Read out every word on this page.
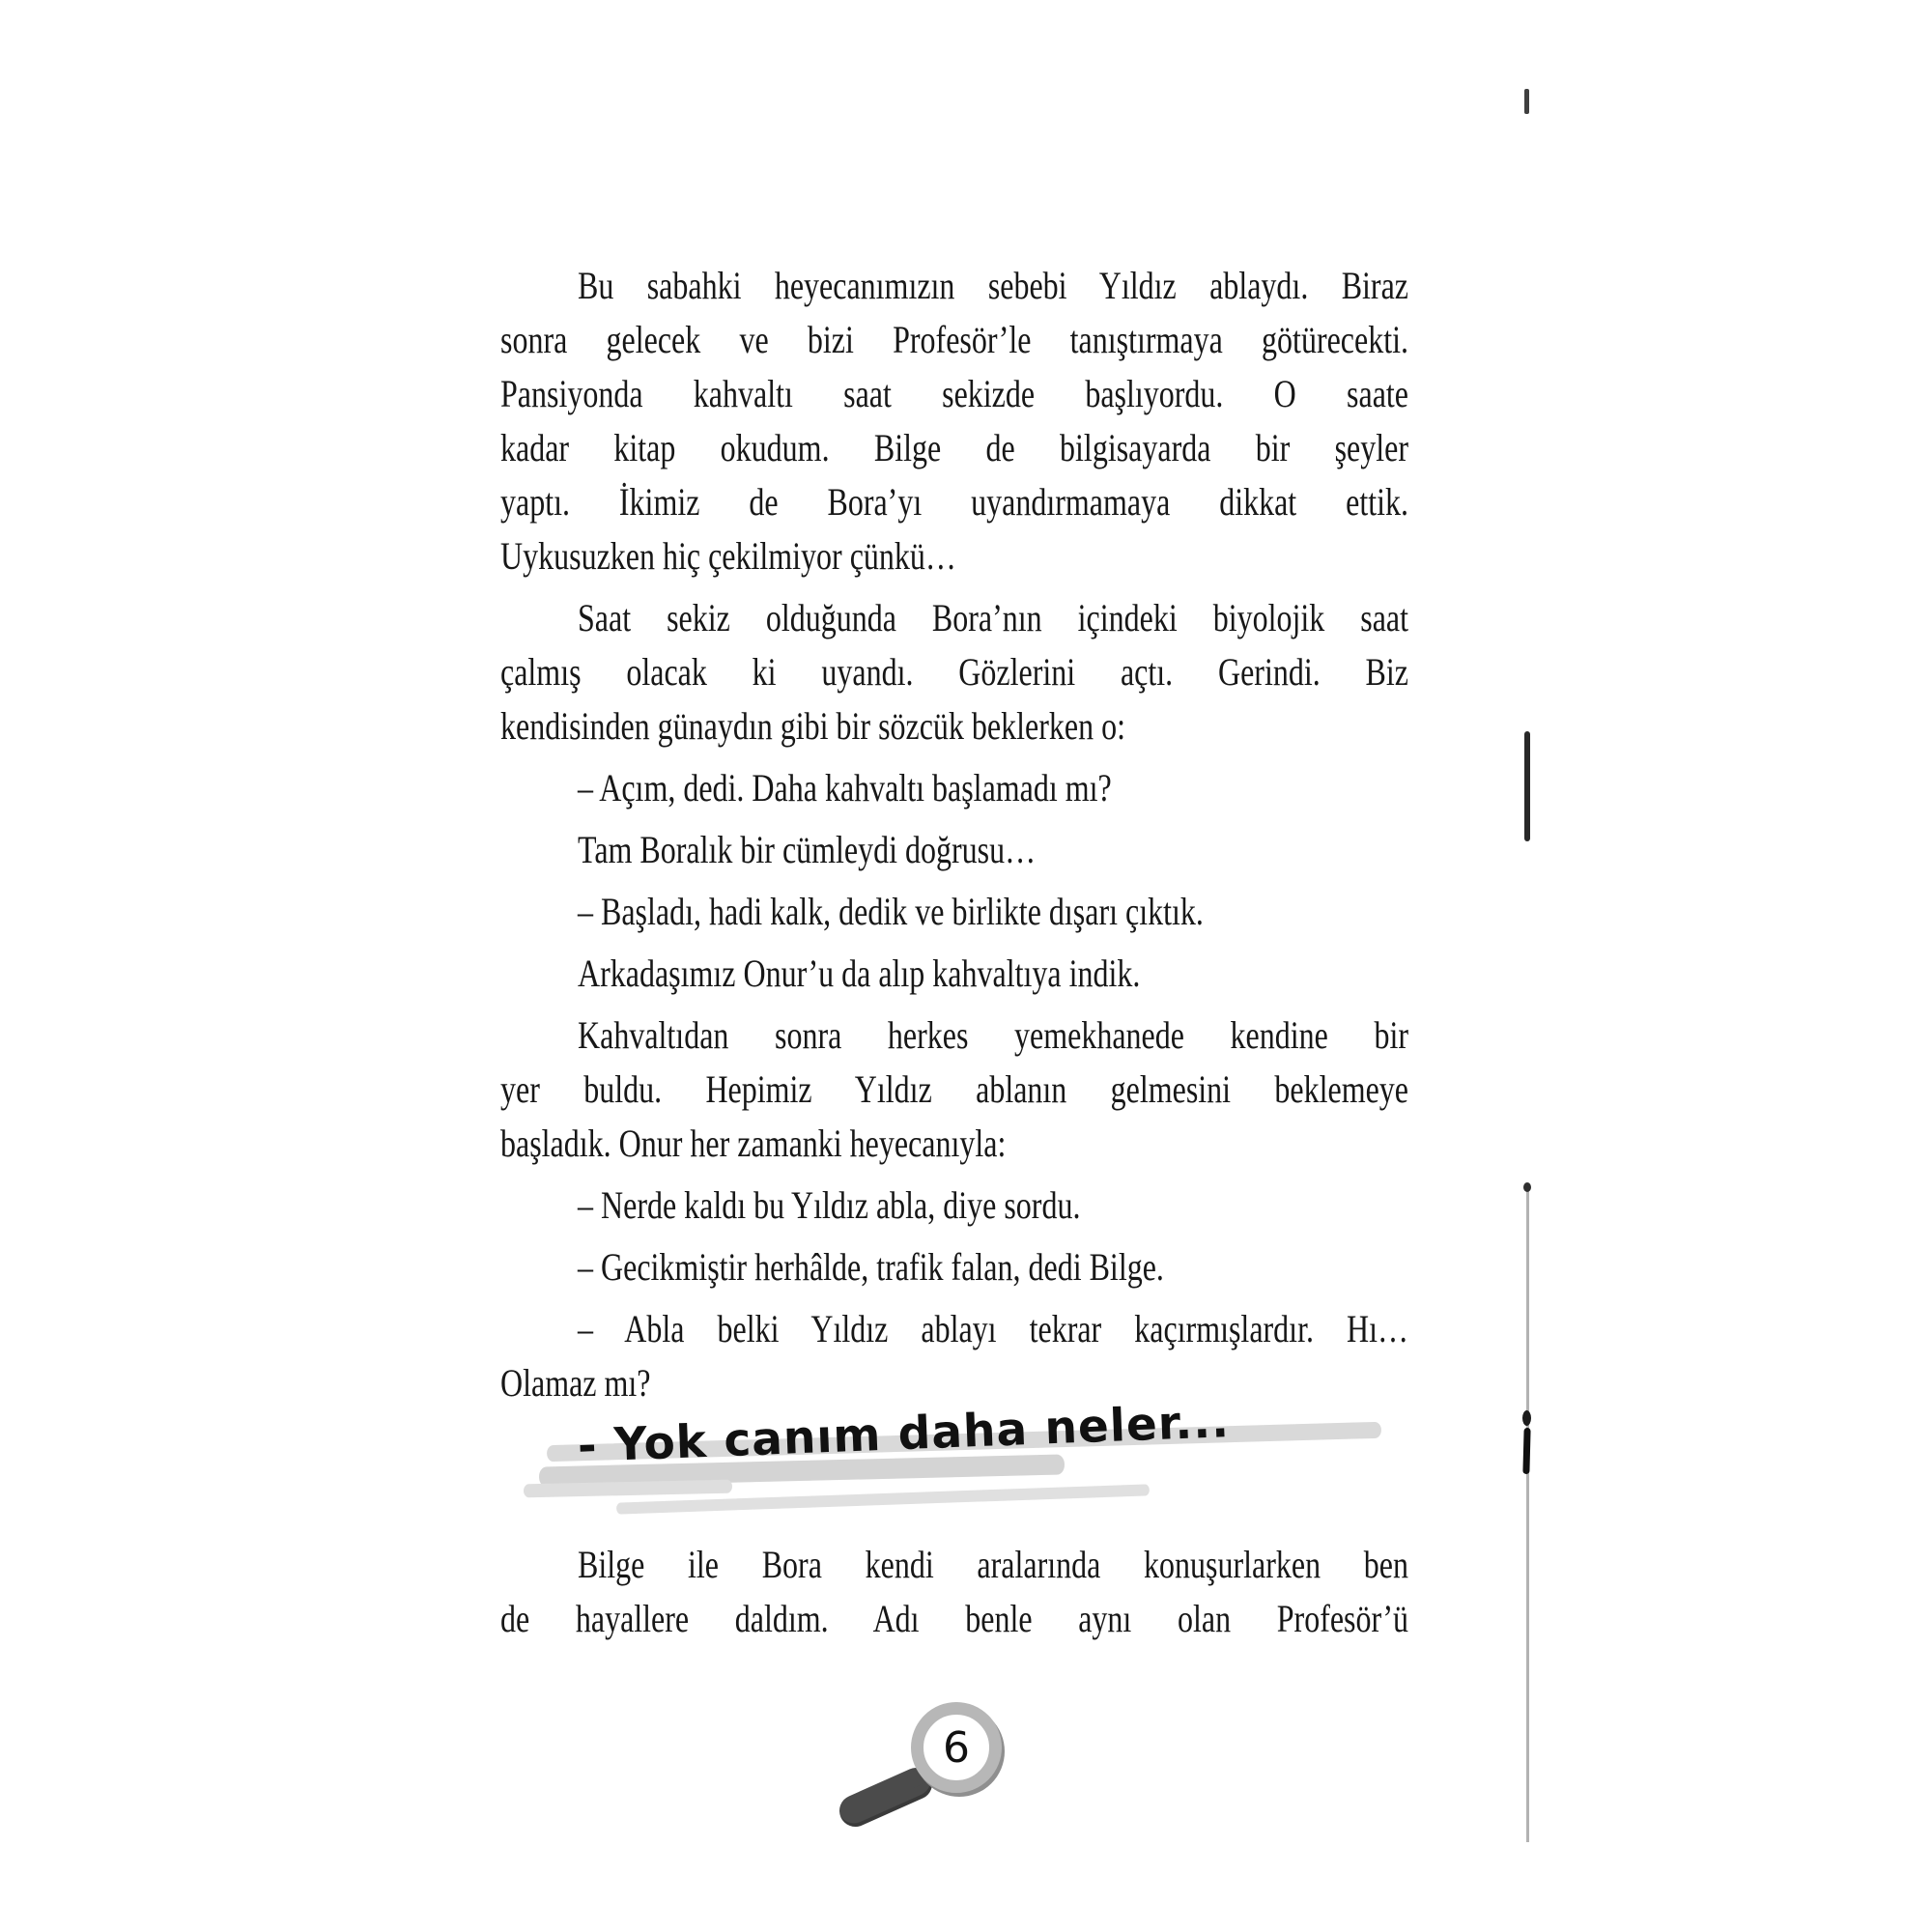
Bu sabahki heyecanımızın sebebi Yıldız ablaydı. Biraz
sonra gelecek ve bizi Profesör’le tanıştırmaya götürecekti.
Pansiyonda kahvaltı saat sekizde başlıyordu. O saate
kadar kitap okudum. Bilge de bilgisayarda bir şeyler
yaptı. İkimiz de Bora’yı uyandırmamaya dikkat ettik.
Uykusuzken hiç çekilmiyor çünkü…
Saat sekiz olduğunda Bora’nın içindeki biyolojik saat
çalmış olacak ki uyandı. Gözlerini açtı. Gerindi. Biz
kendisinden günaydın gibi bir sözcük beklerken o:
– Açım, dedi. Daha kahvaltı başlamadı mı?
Tam Boralık bir cümleydi doğrusu…
– Başladı, hadi kalk, dedik ve birlikte dışarı çıktık.
Arkadaşımız Onur’u da alıp kahvaltıya indik.
Kahvaltıdan sonra herkes yemekhanede kendine bir
yer buldu. Hepimiz Yıldız ablanın gelmesini beklemeye
başladık. Onur her zamanki heyecanıyla:
– Nerde kaldı bu Yıldız abla, diye sordu.
– Gecikmiştir herhâlde, trafik falan, dedi Bilge.
– Abla belki Yıldız ablayı tekrar kaçırmışlardır. Hı…
Olamaz mı?
- Yok canım daha neler...
Bilge ile Bora kendi aralarında konuşurlarken ben
de hayallere daldım. Adı benle aynı olan Profesör’ü
6
